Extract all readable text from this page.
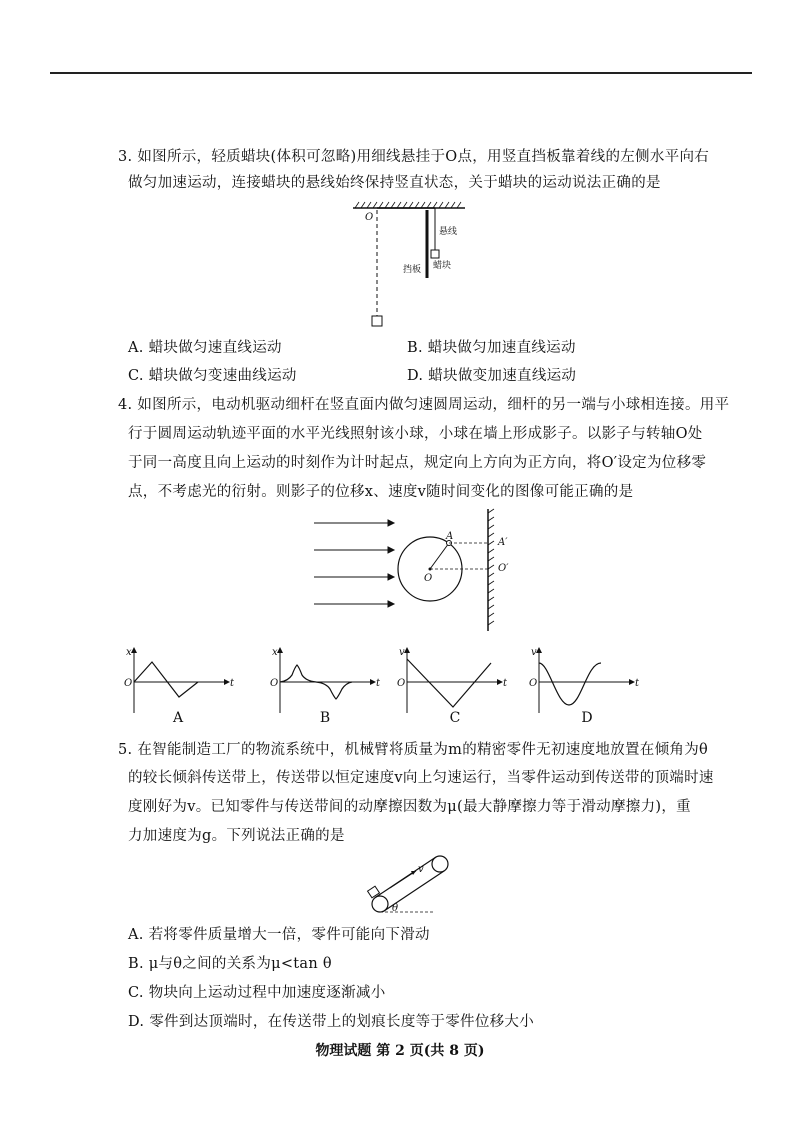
3. 如图所示，轻质蜡块(体积可忽略)用细线悬挂于O点，用竖直挡板靠着线的左侧水平向右
做匀加速运动，连接蜡块的悬线始终保持竖直状态，关于蜡块的运动说法正确的是
O
悬线
挡板 蜡块
A. 蜡块做匀速直线运动	B. 蜡块做匀加速直线运动
C. 蜡块做匀变速曲线运动	D. 蜡块做变加速直线运动
4. 如图所示，电动机驱动细杆在竖直面内做匀速圆周运动，细杆的另一端与小球相连接。用平
行于圆周运动轨迹平面的水平光线照射该小球，小球在墙上形成影子。以影子与转轴O处
于同一高度且向上运动的时刻作为计时起点，规定向上方向为正方向，将O′设定为位移零
点，不考虑光的衍射。则影子的位移x、速度v随时间变化的图像可能正确的是
A
A′
O
O′
x
t
O
A
x
t
O
B
v
t
O
C
v
t
O
D
5. 在智能制造工厂的物流系统中，机械臂将质量为m的精密零件无初速度地放置在倾角为θ
的较长倾斜传送带上，传送带以恒定速度v向上匀速运行，当零件运动到传送带的顶端时速
度刚好为v。已知零件与传送带间的动摩擦因数为μ(最大静摩擦力等于滑动摩擦力)，重
力加速度为g。下列说法正确的是
v
θ
A. 若将零件质量增大一倍，零件可能向下滑动
B. μ与θ之间的关系为μ<tan θ
C. 物块向上运动过程中加速度逐渐减小
D. 零件到达顶端时，在传送带上的划痕长度等于零件位移大小
物理试题 第 2 页(共 8 页)
